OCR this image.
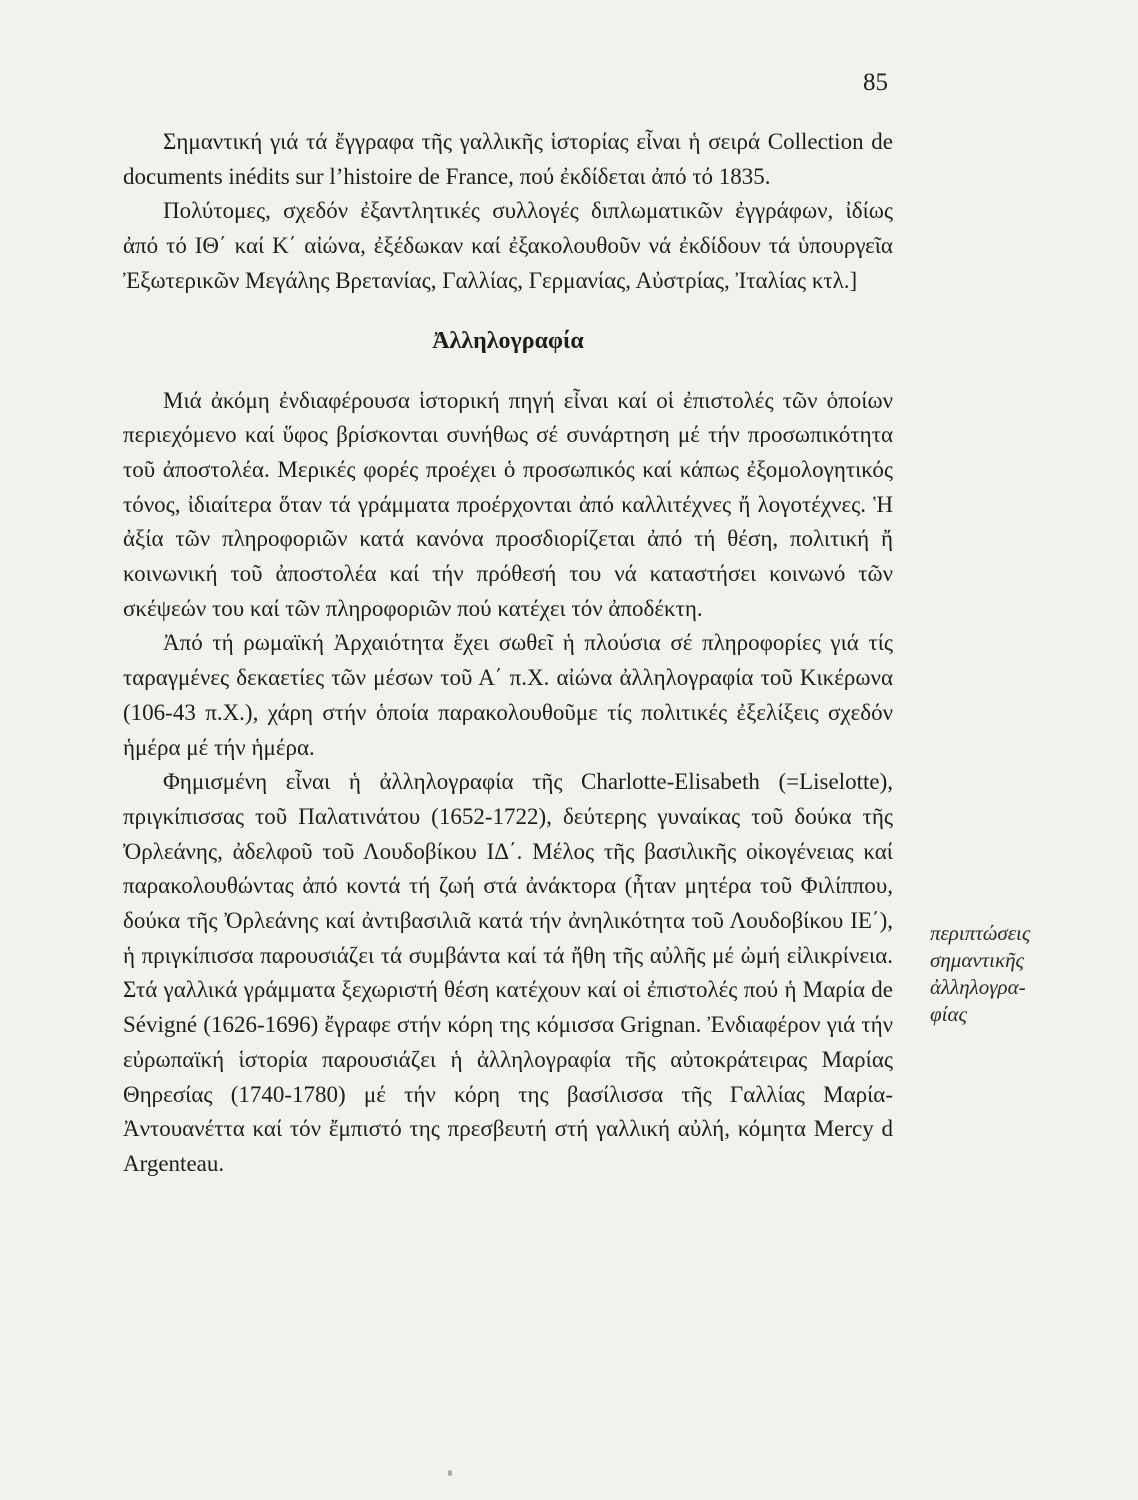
85

Σημαντική γιά τά ἔγγραφα τῆς γαλλικῆς ἱστορίας εἶναι ἡ σειρά Collection de documents inédits sur l’histoire de France, πού ἐκδίδεται ἀπό τό 1835.

Πολύτομες, σχεδόν ἐξαντλητικές συλλογές διπλωματικῶν ἐγγράφων, ἰδίως ἀπό τό ΙΘ΄ καί Κ΄ αἰώνα, ἐξέδωκαν καί ἐξακολουθοῦν νά ἐκδίδουν τά ὑπουργεῖα Ἐξωτερικῶν Μεγάλης Βρετανίας, Γαλλίας, Γερμανίας, Αὐστρίας, Ἰταλίας κτλ.]

Ἀλληλογραφία

Μιά ἀκόμη ἐνδιαφέρουσα ἱστορική πηγή εἶναι καί οἱ ἐπιστολές τῶν ὁποίων περιεχόμενο καί ὕφος βρίσκονται συνήθως σέ συνάρτηση μέ τήν προσωπικότητα τοῦ ἀποστολέα. Μερικές φορές προέχει ὁ προσωπικός καί κάπως ἐξομολογητικός τόνος, ἰδιαίτερα ὅταν τά γράμματα προέρχονται ἀπό καλλιτέχνες ἤ λογοτέχνες. Ἡ ἀξία τῶν πληροφοριῶν κατά κανόνα προσδιορίζεται ἀπό τή θέση, πολιτική ἤ κοινωνική τοῦ ἀποστολέα καί τήν πρόθεσή του νά καταστήσει κοινωνό τῶν σκέψεών του καί τῶν πληροφοριῶν πού κατέχει τόν ἀποδέκτη.

Ἀπό τή ρωμαϊκή Ἀρχαιότητα ἔχει σωθεῖ ἡ πλούσια σέ πληροφορίες γιά τίς ταραγμένες δεκαετίες τῶν μέσων τοῦ Α΄ π.Χ. αἰώνα ἀλληλογραφία τοῦ Κικέρωνα (106-43 π.Χ.), χάρη στήν ὁποία παρακολουθοῦμε τίς πολιτικές ἐξελίξεις σχεδόν ἡμέρα μέ τήν ἡμέρα.

Φημισμένη εἶναι ἡ ἀλληλογραφία τῆς Charlotte-Elisabeth (=Liselotte), πριγκίπισσας τοῦ Παλατινάτου (1652-1722), δεύτερης γυναίκας τοῦ δούκα τῆς Ὀρλεάνης, ἀδελφοῦ τοῦ Λουδοβίκου ΙΔ΄. Μέλος τῆς βασιλικῆς οἰκογένειας καί παρακολουθώντας ἀπό κοντά τή ζωή στά ἀνάκτορα (ἦταν μητέρα τοῦ Φιλίππου, δούκα τῆς Ὀρλεάνης καί ἀντιβασιλιᾶ κατά τήν ἀνηλικότητα τοῦ Λουδοβίκου ΙΕ΄), ἡ πριγκίπισσα παρουσιάζει τά συμβάντα καί τά ἤθη τῆς αὐλῆς μέ ὠμή εἰλικρίνεια. Στά γαλλικά γράμματα ξεχωριστή θέση κατέχουν καί οἱ ἐπιστολές πού ἡ Μαρία de Sévigné (1626-1696) ἔγραφε στήν κόρη της κόμισσα Grignan. Ἐνδιαφέρον γιά τήν εὐρωπαϊκή ἱστορία παρουσιάζει ἡ ἀλληλογραφία τῆς αὐτοκράτειρας Μαρίας Θηρεσίας (1740-1780) μέ τήν κόρη της βασίλισσα τῆς Γαλλίας Μαρία-Ἀντουανέττα καί τόν ἔμπιστό της πρεσβευτή στή γαλλική αὐλή, κόμητα Mercy d Argenteau.

περιπτώσεις
σημαντικῆς
ἀλληλογρα-
φίας
